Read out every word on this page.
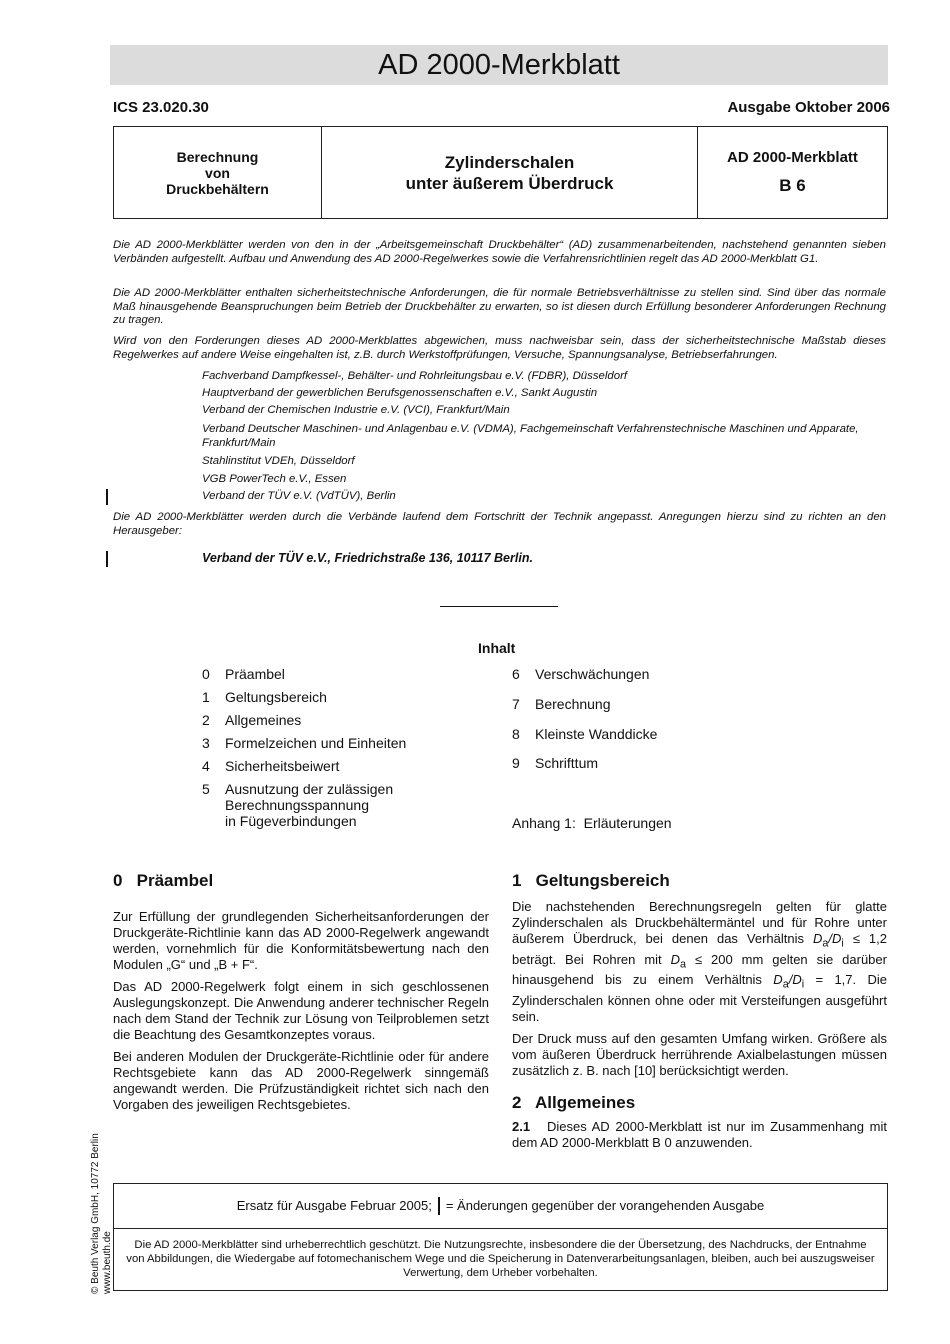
AD 2000-Merkblatt
ICS 23.020.30	Ausgabe Oktober 2006
Berechnung
von
Druckbehältern
Zylinderschalen
unter äußerem Überdruck
AD 2000-Merkblatt
B 6

Die AD 2000-Merkblätter werden von den in der „Arbeitsgemeinschaft Druckbehälter“ (AD) zusammenarbeitenden, nachstehend genannten sieben Verbänden aufgestellt. Aufbau und Anwendung des AD 2000-Regelwerkes sowie die Verfahrensrichtlinien regelt das AD 2000-Merkblatt G1.

Die AD 2000-Merkblätter enthalten sicherheitstechnische Anforderungen, die für normale Betriebsverhältnisse zu stellen sind. Sind über das normale Maß hinausgehende Beanspruchungen beim Betrieb der Druckbehälter zu erwarten, so ist diesen durch Erfüllung besonderer Anforderungen Rechnung zu tragen.

Wird von den Forderungen dieses AD 2000-Merkblattes abgewichen, muss nachweisbar sein, dass der sicherheitstechnische Maßstab dieses Regelwerkes auf andere Weise eingehalten ist, z.B. durch Werkstoffprüfungen, Versuche, Spannungsanalyse, Betriebserfahrungen.

Fachverband Dampfkessel-, Behälter- und Rohrleitungsbau e.V. (FDBR), Düsseldorf
Hauptverband der gewerblichen Berufsgenossenschaften e.V., Sankt Augustin
Verband der Chemischen Industrie e.V. (VCI), Frankfurt/Main
Verband Deutscher Maschinen- und Anlagenbau e.V. (VDMA), Fachgemeinschaft Verfahrenstechnische Maschinen und Apparate, Frankfurt/Main
Stahlinstitut VDEh, Düsseldorf
VGB PowerTech e.V., Essen
Verband der TÜV e.V. (VdTÜV), Berlin

Die AD 2000-Merkblätter werden durch die Verbände laufend dem Fortschritt der Technik angepasst. Anregungen hierzu sind zu richten an den Herausgeber:

Verband der TÜV e.V., Friedrichstraße 136, 10117 Berlin.
Inhalt
0 Präambel
1 Geltungsbereich
2 Allgemeines
3 Formelzeichen und Einheiten
4 Sicherheitsbeiwert
5 Ausnutzung der zulässigen
Berechnungsspannung
in Fügeverbindungen
6 Verschwächungen
7 Berechnung
8 Kleinste Wanddicke
9 Schrifttum
Anhang 1:  Erläuterungen
0   Präambel

Zur Erfüllung der grundlegenden Sicherheitsanforderungen der Druckgeräte-Richtlinie kann das AD 2000-Regelwerk angewandt werden, vornehmlich für die Konformitätsbewertung nach den Modulen „G“ und „B + F“.

Das AD 2000-Regelwerk folgt einem in sich geschlossenen Auslegungskonzept. Die Anwendung anderer technischer Regeln nach dem Stand der Technik zur Lösung von Teilproblemen setzt die Beachtung des Gesamtkonzeptes voraus.

Bei anderen Modulen der Druckgeräte-Richtlinie oder für andere Rechtsgebiete kann das AD 2000-Regelwerk sinngemäß angewandt werden. Die Prüfzuständigkeit richtet sich nach den Vorgaben des jeweiligen Rechtsgebietes.

1   Geltungsbereich

Die nachstehenden Berechnungsregeln gelten für glatte Zylinderschalen als Druckbehältermäntel und für Rohre unter äußerem Überdruck, bei denen das Verhältnis $D_a/D_i \le 1,2$ beträgt. Bei Rohren mit $D_a \le 200$ mm gelten sie darüber hinausgehend bis zu einem Verhältnis $D_a/D_i = 1,7$. Die Zylinderschalen können ohne oder mit Versteifungen ausgeführt sein.

Der Druck muss auf den gesamten Umfang wirken. Größere als vom äußeren Überdruck herrührende Axialbelastungen müssen zusätzlich z. B. nach [10] berücksichtigt werden.

2   Allgemeines

2.1 Dieses AD 2000-Merkblatt ist nur im Zusammenhang mit dem AD 2000-Merkblatt B 0 anzuwenden.

Ersatz für Ausgabe Februar 2005; = Änderungen gegenüber der vorangehenden Ausgabe
Die AD 2000-Merkblätter sind urheberrechtlich geschützt. Die Nutzungsrechte, insbesondere die der Übersetzung, des Nachdrucks, der Entnahme von Abbildungen, die Wiedergabe auf fotomechanischem Wege und die Speicherung in Datenverarbeitungsanlagen, bleiben, auch bei auszugsweiser Verwertung, dem Urheber vorbehalten.
© Beuth Verlag GmbH, 10772 Berlin www.beuth.de
